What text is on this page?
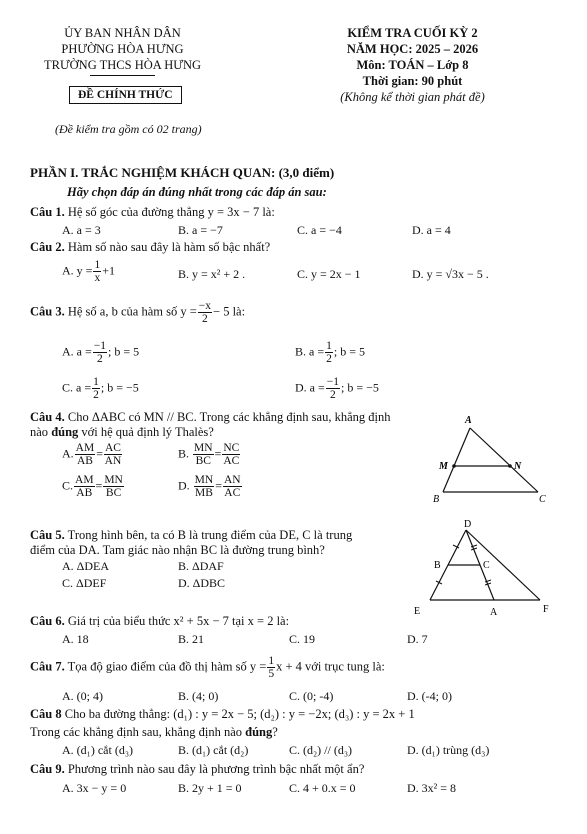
ỦY BAN NHÂN DÂN
PHƯỜNG HÒA HƯNG
TRƯỜNG THCS HÒA HƯNG
ĐỀ CHÍNH THỨC
(Đề kiểm tra gồm có 02 trang)
KIỂM TRA CUỐI KỲ 2
NĂM HỌC: 2025 – 2026
Môn: TOÁN – Lớp 8
Thời gian: 90 phút
(Không kể thời gian phát đề)
PHẦN I. TRẮC NGHIỆM KHÁCH QUAN: (3,0 điểm)
Hãy chọn đáp án đúng nhất trong các đáp án sau:
Câu 1. Hệ số góc của đường thẳng y = 3x − 7 là:
A. a = 3	B. a = −7	C. a = −4	D. a = 4
Câu 2. Hàm số nào sau đây là hàm số bậc nhất?
A. $y = \frac{1}{x} +1$	B. y = x² + 2 .	C. y = 2x − 1	D. y = √3x − 5 .
Câu 3. Hệ số a, b của hàm số $y = \frac{-x}{2} - 5$ là:
A. $a = \frac{-1}{2}$ ; b = 5	B. $a = \frac{1}{2}$ ; b = 5
C. $a = \frac{1}{2}$ ; b = −5	D. $a = \frac{-1}{2}$ ; b = −5
Câu 4. Cho ΔABC có MN // BC. Trong các khẳng định sau, khẳng định
nào đúng với hệ quả định lý Thalès?
A. $\frac{AM}{AB} = \frac{AC}{AN}$	B. $\frac{MN}{BC} = \frac{NC}{AC}$
C. $\frac{AM}{AB} = \frac{MN}{BC}$	D. $\frac{MN}{MB} = \frac{AN}{AC}$
A
M	N
B	C
Câu 5. Trong hình bên, ta có B là trung điểm của DE, C là trung
điểm của DA. Tam giác nào nhận BC là đường trung bình?
A. ΔDEA	B. ΔDAF
C. ΔDEF	D. ΔDBC
D
B	C
E	A	F
Câu 6. Giá trị của biểu thức x² + 5x − 7 tại x = 2 là:
A. 18	B. 21	C. 19	D. 7
Câu 7. Tọa độ giao điểm của đồ thị hàm số $y = \frac{1}{5}$ x + 4 với trục tung là:
A. (0; 4)	B. (4; 0)	C. (0; -4)	D. (-4; 0)
Câu 8 Cho ba đường thẳng: (d₁) : y = 2x − 5; (d₂) : y = −2x; (d₃) : y = 2x + 1
Trong các khẳng định sau, khẳng định nào đúng?
A. (d₁) cắt (d₃)	B. (d₁) cắt (d₂)	C. (d₂) // (d₃)	D. (d₁) trùng (d₃)
Câu 9. Phương trình nào sau đây là phương trình bậc nhất một ẩn?
A. 3x − y = 0	B. 2y + 1 = 0	C. 4 + 0.x = 0	D. 3x² = 8
